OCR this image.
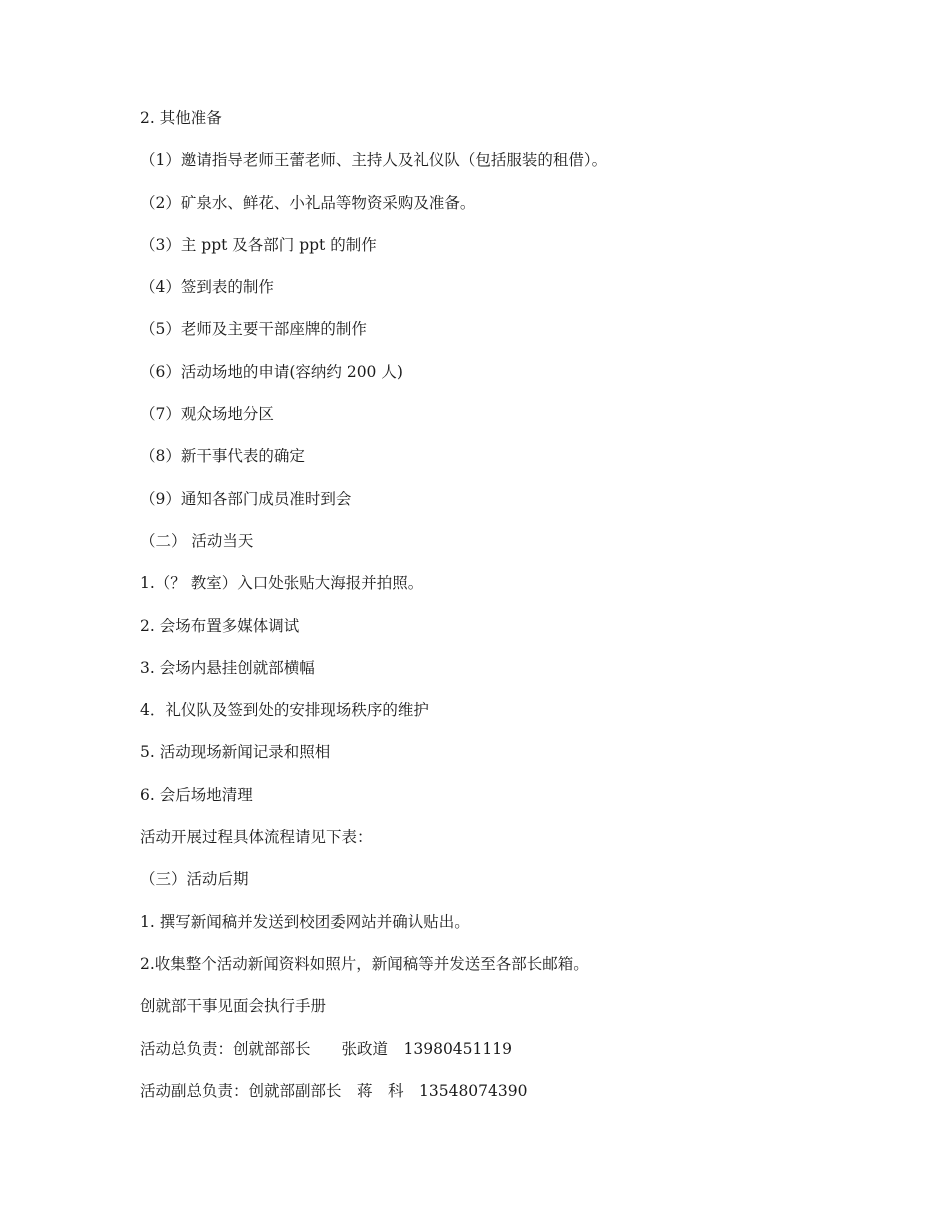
2. 其他准备
（1）邀请指导老师王蕾老师、主持人及礼仪队（包括服装的租借）。
（2）矿泉水、鲜花、小礼品等物资采购及准备。
（3）主 ppt 及各部门 ppt 的制作
（4）签到表的制作
（5）老师及主要干部座牌的制作
（6）活动场地的申请(容纳约 200 人)
（7）观众场地分区
（8）新干事代表的确定
（9）通知各部门成员准时到会
（二） 活动当天
1.（？ 教室）入口处张贴大海报并拍照。
2. 会场布置多媒体调试
3. 会场内悬挂创就部横幅
4．礼仪队及签到处的安排现场秩序的维护
5. 活动现场新闻记录和照相
6. 会后场地清理
活动开展过程具体流程请见下表：
（三）活动后期
1. 撰写新闻稿并发送到校团委网站并确认贴出。
2.收集整个活动新闻资料如照片，新闻稿等并发送至各部长邮箱。
创就部干事见面会执行手册
活动总负责：创就部部长　　张政道　13980451119
活动副总负责：创就部副部长　蒋　科　13548074390
